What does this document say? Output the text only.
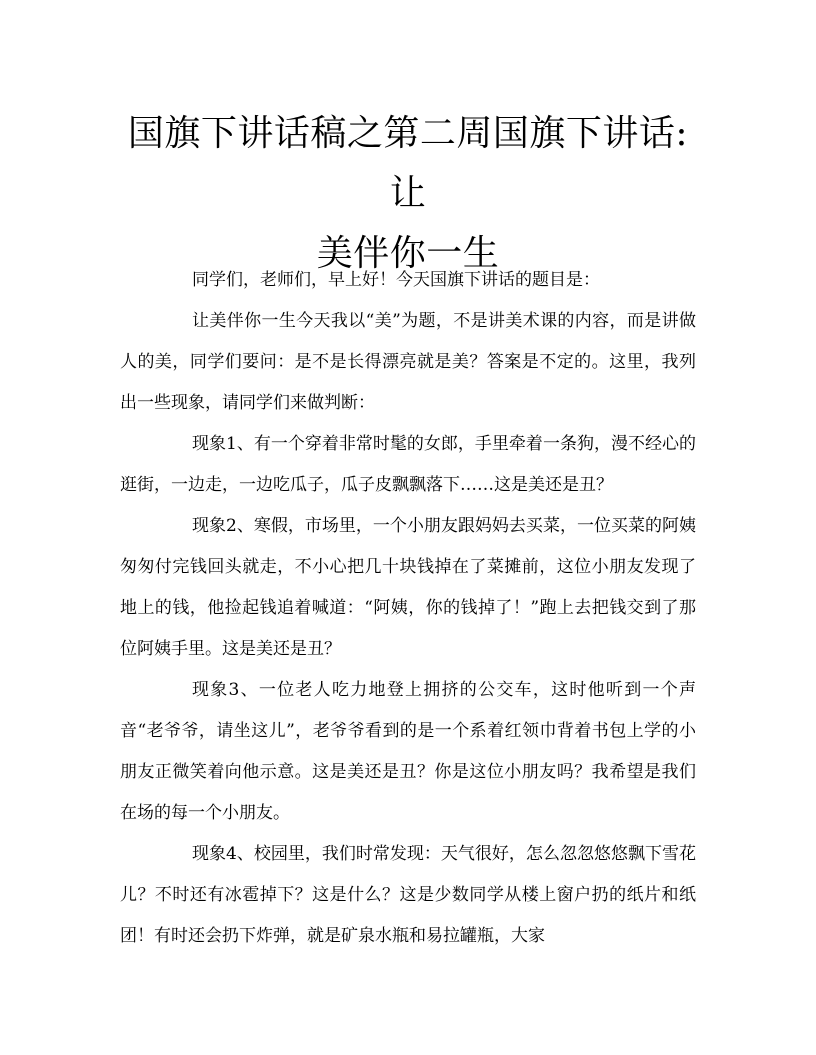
国旗下讲话稿之第二周国旗下讲话:让
美伴你一生

同学们，老师们，早上好！今天国旗下讲话的题目是：

让美伴你一生今天我以“美”为题，不是讲美术课的内容，而是讲做人的美，同学们要问：是不是长得漂亮就是美？答案是不定的。这里，我列出一些现象，请同学们来做判断：

现象1、有一个穿着非常时髦的女郎，手里牵着一条狗，漫不经心的逛街，一边走，一边吃瓜子，瓜子皮飘飘落下……这是美还是丑？

现象2、寒假，市场里，一个小朋友跟妈妈去买菜，一位买菜的阿姨匆匆付完钱回头就走，不小心把几十块钱掉在了菜摊前，这位小朋友发现了地上的钱，他捡起钱追着喊道：“阿姨，你的钱掉了！”跑上去把钱交到了那位阿姨手里。这是美还是丑？

现象3、一位老人吃力地登上拥挤的公交车，这时他听到一个声音“老爷爷，请坐这儿”，老爷爷看到的是一个系着红领巾背着书包上学的小朋友正微笑着向他示意。这是美还是丑？你是这位小朋友吗？我希望是我们在场的每一个小朋友。

现象4、校园里，我们时常发现：天气很好，怎么忽忽悠悠飘下雪花儿？不时还有冰雹掉下？这是什么？这是少数同学从楼上窗户扔的纸片和纸团！有时还会扔下炸弹，就是矿泉水瓶和易拉罐瓶，大家
